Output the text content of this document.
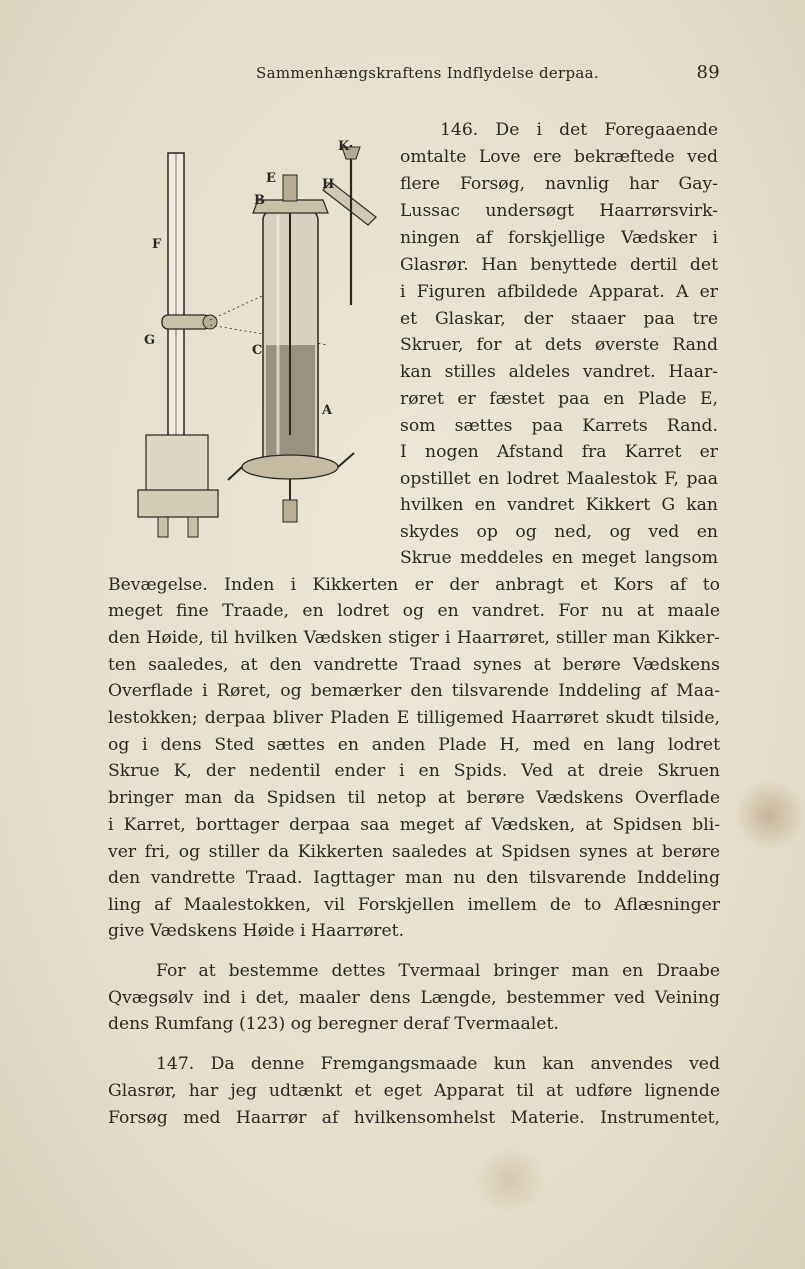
Sammenhængskraftens Indflydelse derpaa.	89
K
E	H
B
F
G
C
A
146. De i det Foregaaende
omtalte Love ere bekræftede ved
flere Forsøg, navnlig har Gay-
Lussac undersøgt Haarrørsvirk-
ningen af forskjellige Vædsker i
Glasrør. Han benyttede dertil det
i Figuren afbildede Apparat. A er
et Glaskar, der staaer paa tre
Skruer, for at dets øverste Rand
kan stilles aldeles vandret. Haar-
røret er fæstet paa en Plade E,
som sættes paa Karrets Rand.
I nogen Afstand fra Karret er
opstillet en lodret Maalestok F, paa
hvilken en vandret Kikkert G kan
skydes op og ned, og ved en
Skrue meddeles en meget langsom
Bevægelse. Inden i Kikkerten er der anbragt et Kors af to
meget fine Traade, en lodret og en vandret. For nu at maale
den Høide, til hvilken Vædsken stiger i Haarrøret, stiller man Kikker-
ten saaledes, at den vandrette Traad synes at berøre Vædskens
Overflade i Røret, og bemærker den tilsvarende Inddeling af Maa-
lestokken; derpaa bliver Pladen E tilligemed Haarrøret skudt tilside,
og i dens Sted sættes en anden Plade H, med en lang lodret
Skrue K, der nedentil ender i en Spids. Ved at dreie Skruen
bringer man da Spidsen til netop at berøre Vædskens Overflade
i Karret, borttager derpaa saa meget af Vædsken, at Spidsen bli-
ver fri, og stiller da Kikkerten saaledes at Spidsen synes at berøre
den vandrette Traad. Iagttager man nu den tilsvarende Inddeling
ling af Maalestokken, vil Forskjellen imellem de to Aflæsninger
give Vædskens Høide i Haarrøret.
For at bestemme dettes Tvermaal bringer man en Draabe
Qvægsølv ind i det, maaler dens Længde, bestemmer ved Veining
dens Rumfang (123) og beregner deraf Tvermaalet.
147. Da denne Fremgangsmaade kun kan anvendes ved
Glasrør, har jeg udtænkt et eget Apparat til at udføre lignende
Forsøg med Haarrør af hvilkensomhelst Materie. Instrumentet,
